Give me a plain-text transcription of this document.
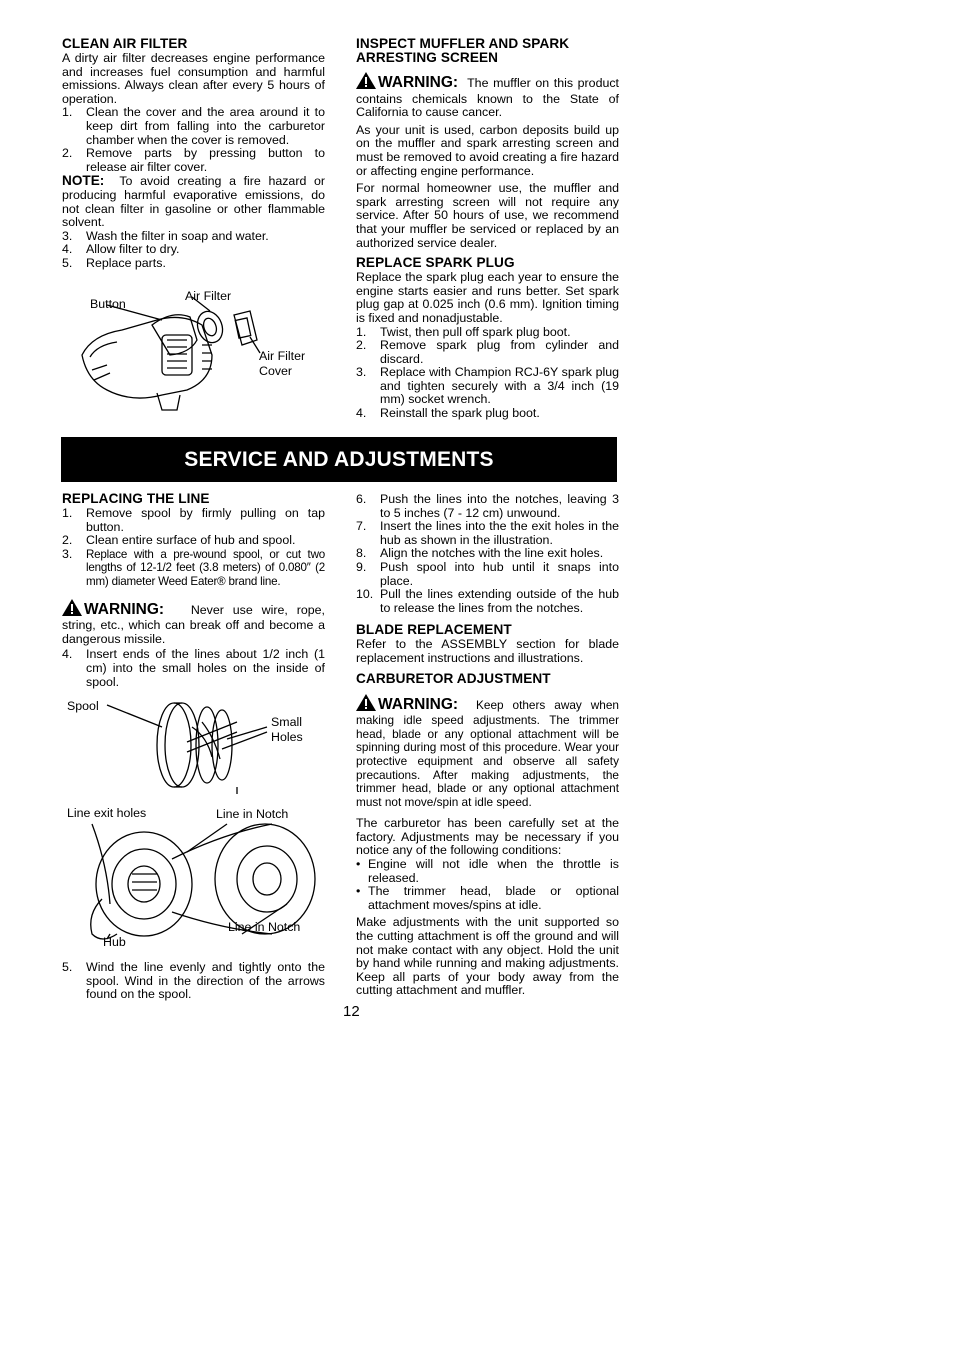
CLEAN AIR FILTER

A dirty air filter decreases engine performance and increases fuel consumption and harmful emissions. Always clean after every 5 hours of operation.

1.	Clean the cover and the area around it to keep dirt from falling into the carburetor chamber when the cover is removed.
2.	Remove parts by pressing button to release air filter cover.

NOTE: To avoid creating a fire hazard or producing harmful evaporative emissions, do not clean filter in gasoline or other flammable solvent.

3.	Wash the filter in soap and water.
4.	Allow filter to dry.
5.	Replace parts.
Button
Air Filter
Air Filter
Cover
INSPECT MUFFLER AND SPARK
ARRESTING SCREEN

WARNING: The muffler on this product contains chemicals known to the State of California to cause cancer.

As your unit is used, carbon deposits build up on the muffler and spark arresting screen and must be removed to avoid creating a fire hazard or affecting engine performance.

For normal homeowner use, the muffler and spark arresting screen will not require any service. After 50 hours of use, we recommend that your muffler be serviced or replaced by an authorized service dealer.

REPLACE SPARK PLUG

Replace the spark plug each year to ensure the engine starts easier and runs better. Set spark plug gap at 0.025 inch (0.6 mm). Ignition timing is fixed and nonadjustable.

1.	Twist, then pull off spark plug boot.
2.	Remove spark plug from cylinder and discard.
3.	Replace with Champion RCJ-6Y spark plug and tighten securely with a 3/4 inch (19 mm) socket wrench.
4.	Reinstall the spark plug boot.
SERVICE AND ADJUSTMENTS
REPLACING THE LINE
1.	Remove spool by firmly pulling on tap button.
2.	Clean entire surface of hub and spool.
3.	Replace with a pre-wound spool, or cut two lengths of 12-1/2 feet (3.8 meters) of 0.080″ (2 mm) diameter Weed Eater® brand line.

WARNING: Never use wire, rope, string, etc., which can break off and become a dangerous missile.

4.	Insert ends of the lines about 1/2 inch (1 cm) into the small holes on the inside of spool.
Spool
Small
Holes
Line exit holes	Line in Notch
Hub
Line in Notch
5.	Wind the line evenly and tightly onto the spool. Wind in the direction of the arrows found on the spool.
6.	Push the lines into the notches, leaving 3 to 5 inches (7 - 12 cm) unwound.
7.	Insert the lines into the the exit holes in the hub as shown in the illustration.
8.	Align the notches with the line exit holes.
9.	Push spool into hub until it snaps into place.
10. Pull the lines extending outside of the hub to release the lines from the notches.
BLADE REPLACEMENT

Refer to the ASSEMBLY section for blade replacement instructions and illustrations.

CARBURETOR ADJUSTMENT

WARNING: Keep others away when making idle speed adjustments. The trimmer head, blade or any optional attachment will be spinning during most of this procedure. Wear your protective equipment and observe all safety precautions. After making adjustments, the trimmer head, blade or any optional attachment must not move/spin at idle speed.

The carburetor has been carefully set at the factory. Adjustments may be necessary if you notice any of the following conditions:

• Engine will not idle when the throttle is released.
• The trimmer head, blade or optional attachment moves/spins at idle.

Make adjustments with the unit supported so the cutting attachment is off the ground and will not make contact with any object. Hold the unit by hand while running and making adjustments. Keep all parts of your body away from the cutting attachment and muffler.

12
